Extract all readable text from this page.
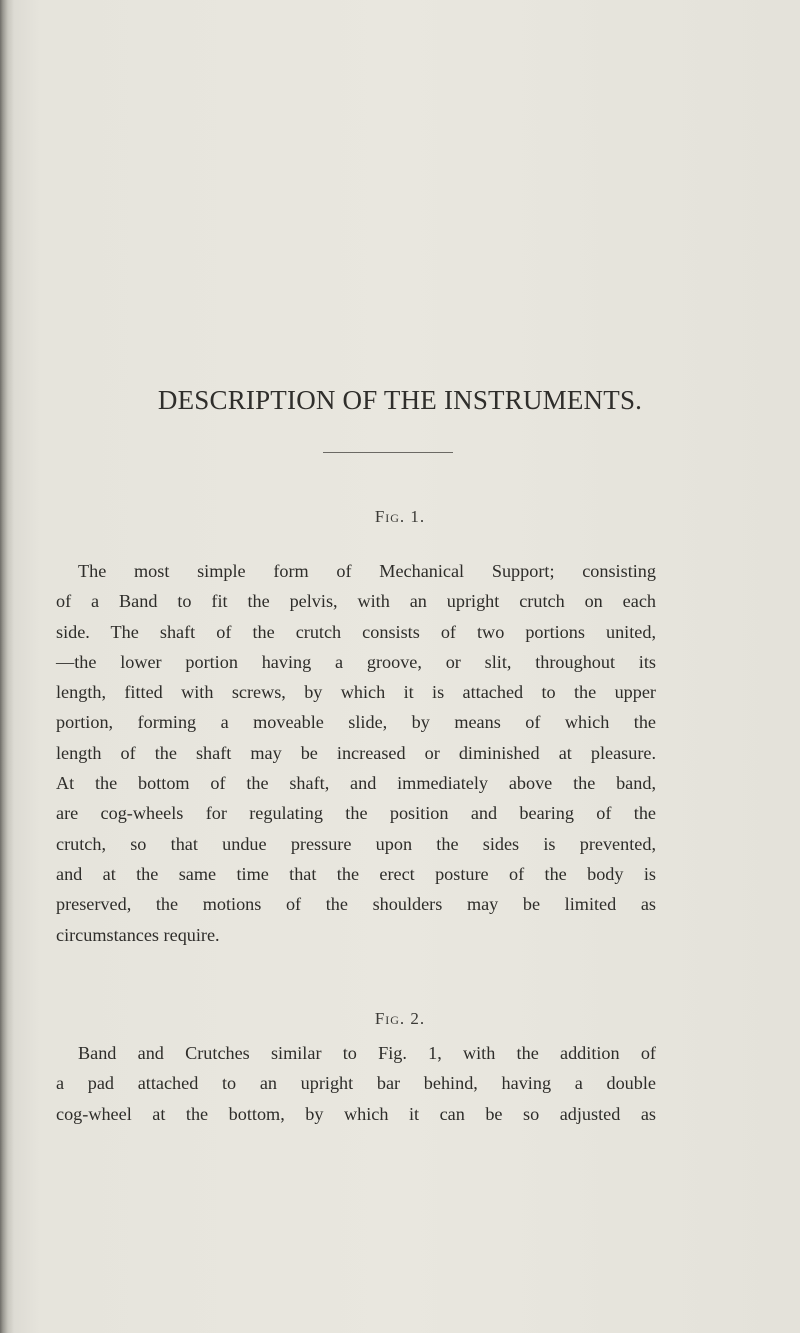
DESCRIPTION OF THE INSTRUMENTS.
Fig. 1.
The most simple form of Mechanical Support; consisting
of a Band to fit the pelvis, with an upright crutch on each
side. The shaft of the crutch consists of two portions united,
—the lower portion having a groove, or slit, throughout its
length, fitted with screws, by which it is attached to the upper
portion, forming a moveable slide, by means of which the
length of the shaft may be increased or diminished at pleasure.
At the bottom of the shaft, and immediately above the band,
are cog-wheels for regulating the position and bearing of the
crutch, so that undue pressure upon the sides is prevented,
and at the same time that the erect posture of the body is
preserved, the motions of the shoulders may be limited as
circumstances require.
Fig. 2.
Band and Crutches similar to Fig. 1, with the addition of
a pad attached to an upright bar behind, having a double
cog-wheel at the bottom, by which it can be so adjusted as
